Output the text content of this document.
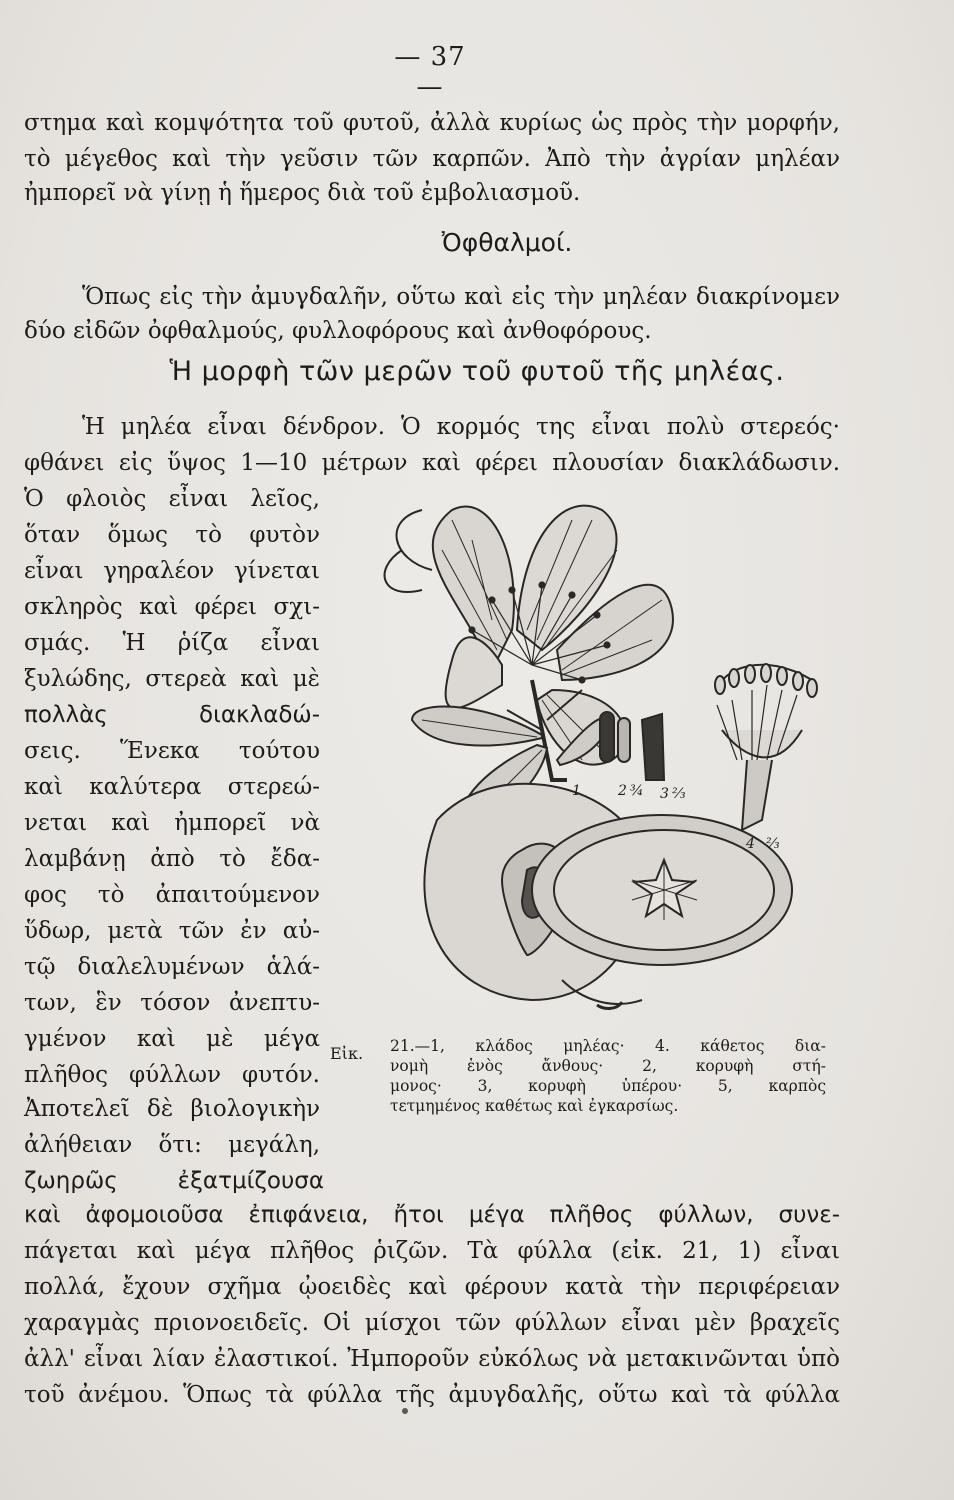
— 37 —
στημα καὶ κομψότητα τοῦ φυτοῦ, ἀλλὰ κυρίως ὡς πρὸς τὴν μορφήν,
τὸ μέγεθος καὶ τὴν γεῦσιν τῶν καρπῶν. Ἀπὸ τὴν ἀγρίαν μηλέαν
ἠμπορεῖ νὰ γίνῃ ἡ ἥμερος διὰ τοῦ ἐμβολιασμοῦ.
Ὀφθαλμοί.
Ὅπως εἰς τὴν ἀμυγδαλῆν, οὕτω καὶ εἰς τὴν μηλέαν διακρίνομεν
δύο εἰδῶν ὀφθαλμούς, φυλλοφόρους καὶ ἀνθοφόρους.
Ἡ μορφὴ τῶν μερῶν τοῦ φυτοῦ τῆς μηλέας.
Ἡ μηλέα εἶναι δένδρον. Ὁ κορμός της εἶναι πολὺ στερεός·
φθάνει εἰς ὕψος 1—10 μέτρων καὶ φέρει πλουσίαν διακλάδωσιν.
Ὁ φλοιὸς εἶναι λεῖος,
ὅταν ὅμως τὸ φυτὸν
εἶναι γηραλέον γίνεται
σκληρὸς καὶ φέρει σχι-
σμάς. Ἡ ῥίζα εἶναι
ξυλώδης, στερεὰ καὶ μὲ
πολλὰς διακλαδώ-
σεις. Ἕνεκα τούτου
καὶ καλύτερα στερεώ-
νεται καὶ ἠμπορεῖ νὰ
λαμβάνῃ ἀπὸ τὸ ἔδα-
φος τὸ ἀπαιτούμενον
ὕδωρ, μετὰ τῶν ἐν αὐ-
τῷ διαλελυμένων ἁλά-
των, ἓν τόσον ἀνεπτυ-
γμένον καὶ μὲ μέγα
πλῆθος φύλλων φυτόν.
Ἀποτελεῖ δὲ βιολογικὴν
ἀλήθειαν ὅτι: μεγάλη,
ζωηρῶς ἐξατμίζουσα
1	2 ¾ 3 ⅔
4 ⅔
Εἰκ. 21.—1, κλάδος μηλέας· 4. κάθετος δια-
νομὴ ἑνὸς ἄνθους· 2, κορυφὴ στή-
μονος· 3, κορυφὴ ὑπέρου· 5, καρπὸς
τετμημένος καθέτως καὶ ἐγκαρσίως.
καὶ ἀφομοιοῦσα ἐπιφάνεια, ἤτοι μέγα πλῆθος φύλλων, συνε-
πάγεται καὶ μέγα πλῆθος ῥιζῶν. Τὰ φύλλα (εἰκ. 21, 1) εἶναι
πολλά, ἔχουν σχῆμα ᾠοειδὲς καὶ φέρουν κατὰ τὴν περιφέρειαν
χαραγμὰς πριονοειδεῖς. Οἱ μίσχοι τῶν φύλλων εἶναι μὲν βραχεῖς
ἀλλ' εἶναι λίαν ἐλαστικοί. Ἠμποροῦν εὐκόλως νὰ μετακινῶνται ὑπὸ
τοῦ ἀνέμου. Ὅπως τὰ φύλλα τῆς ἀμυγδαλῆς, οὕτω καὶ τὰ φύλλα
